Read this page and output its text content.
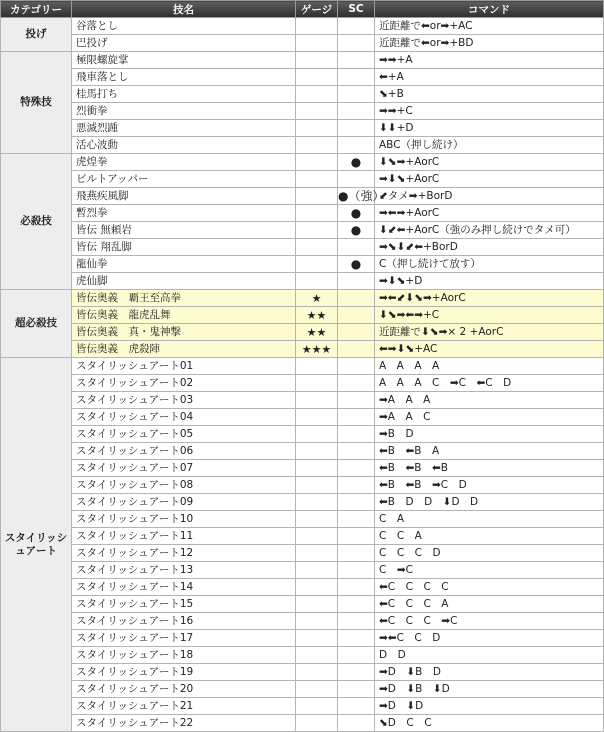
カテゴリー	技名	ゲージ	SC	コマンド
投げ	谷落とし			近距離で⬅or➡+AC
	巴投げ			近距離で⬅or➡+BD
特殊技	極限螺旋掌			➡➡+A
	飛車落とし			⬅+A
	桂馬打ち			⬊+B
	烈衝拳			➡➡+C
	悪滅烈踵			⬇⬇+D
	活心波動			ABC（押し続け）
必殺技	虎煌拳		●	⬇⬊➡+AorC
	ビルトアッパー			➡⬇⬊+AorC
	飛燕疾風脚		●（強）	⬋タメ➡+BorD
	暫烈拳		●	➡⬅➡+AorC
	皆伝 無頼岩		●	⬇⬋⬅+AorC（強のみ押し続けでタメ可）
	皆伝 翔乱脚			➡⬊⬇⬋⬅+BorD
	龍仙拳		●	C（押し続けて放す）
	虎仙脚			➡⬇⬊+D
超必殺技	皆伝奥義　覇王至高拳	★		➡⬅⬋⬇⬊➡+AorC
	皆伝奥義　龍虎乱舞	★★		⬇⬊➡⬅➡+C
	皆伝奥義　真・鬼神撃	★★		近距離で⬇⬊➡× 2 +AorC
	皆伝奥義　虎殺陣	★★★		⬅➡⬇⬊+AC
スタイリッシュアート	スタイリッシュアート01			A　A　A　A
	スタイリッシュアート02			A　A　A　C　➡C　⬅C　D
	スタイリッシュアート03			➡A　A　A
	スタイリッシュアート04			➡A　A　C
	スタイリッシュアート05			➡B　D
	スタイリッシュアート06			⬅B　⬅B　A
	スタイリッシュアート07			⬅B　⬅B　⬅B
	スタイリッシュアート08			⬅B　⬅B　➡C　D
	スタイリッシュアート09			⬅B　D　D　⬇D　D
	スタイリッシュアート10			C　A
	スタイリッシュアート11			C　C　A
	スタイリッシュアート12			C　C　C　D
	スタイリッシュアート13			C　➡C
	スタイリッシュアート14			⬅C　C　C　C
	スタイリッシュアート15			⬅C　C　C　A
	スタイリッシュアート16			⬅C　C　C　➡C
	スタイリッシュアート17			➡⬅C　C　D
	スタイリッシュアート18			D　D
	スタイリッシュアート19			➡D　⬇B　D
	スタイリッシュアート20			➡D　⬇B　⬇D
	スタイリッシュアート21			➡D　⬇D
	スタイリッシュアート22			⬊D　C　C
